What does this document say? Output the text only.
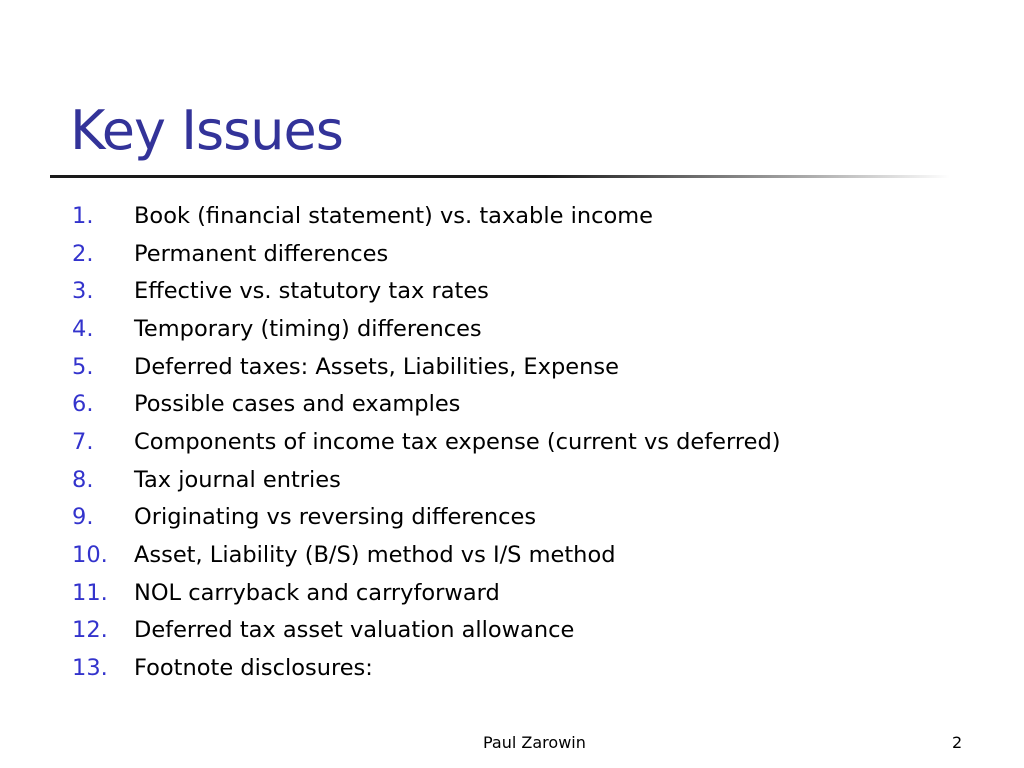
Key Issues
1.	Book (financial statement) vs. taxable income
2.	Permanent differences
3.	Effective vs. statutory tax rates
4.	Temporary (timing) differences
5.	Deferred taxes: Assets, Liabilities, Expense
6.	Possible cases and examples
7.	Components of income tax expense (current vs deferred)
8.	Tax journal entries
9.	Originating vs reversing differences
10.	Asset, Liability (B/S) method vs I/S method
11.	NOL carryback and carryforward
12.	Deferred tax asset valuation allowance
13.	Footnote disclosures:
Paul Zarowin	2
